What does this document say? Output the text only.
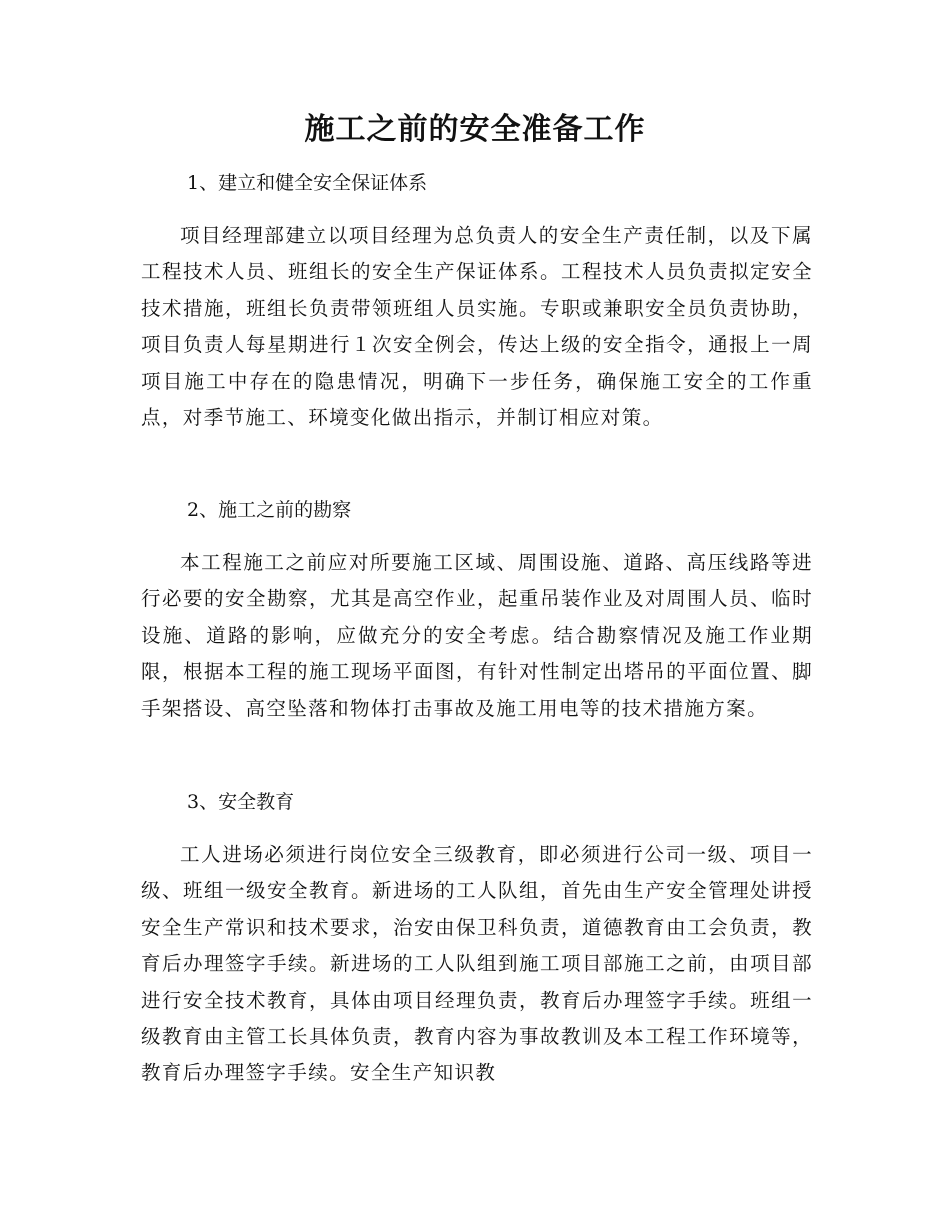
施工之前的安全准备工作

1、建立和健全安全保证体系

项目经理部建立以项目经理为总负责人的安全生产责任制，以及下属工程技术人员、班组长的安全生产保证体系。工程技术人员负责拟定安全技术措施，班组长负责带领班组人员实施。专职或兼职安全员负责协助，项目负责人每星期进行１次安全例会，传达上级的安全指令，通报上一周项目施工中存在的隐患情况，明确下一步任务，确保施工安全的工作重点，对季节施工、环境变化做出指示，并制订相应对策。

2、施工之前的勘察

本工程施工之前应对所要施工区域、周围设施、道路、高压线路等进行必要的安全勘察，尤其是高空作业，起重吊装作业及对周围人员、临时设施、道路的影响，应做充分的安全考虑。结合勘察情况及施工作业期限，根据本工程的施工现场平面图，有针对性制定出塔吊的平面位置、脚手架搭设、高空坠落和物体打击事故及施工用电等的技术措施方案。

3、安全教育

工人进场必须进行岗位安全三级教育，即必须进行公司一级、项目一级、班组一级安全教育。新进场的工人队组，首先由生产安全管理处讲授安全生产常识和技术要求，治安由保卫科负责，道德教育由工会负责，教育后办理签字手续。新进场的工人队组到施工项目部施工之前，由项目部进行安全技术教育，具体由项目经理负责，教育后办理签字手续。班组一级教育由主管工长具体负责，教育内容为事故教训及本工程工作环境等，教育后办理签字手续。安全生产知识教
